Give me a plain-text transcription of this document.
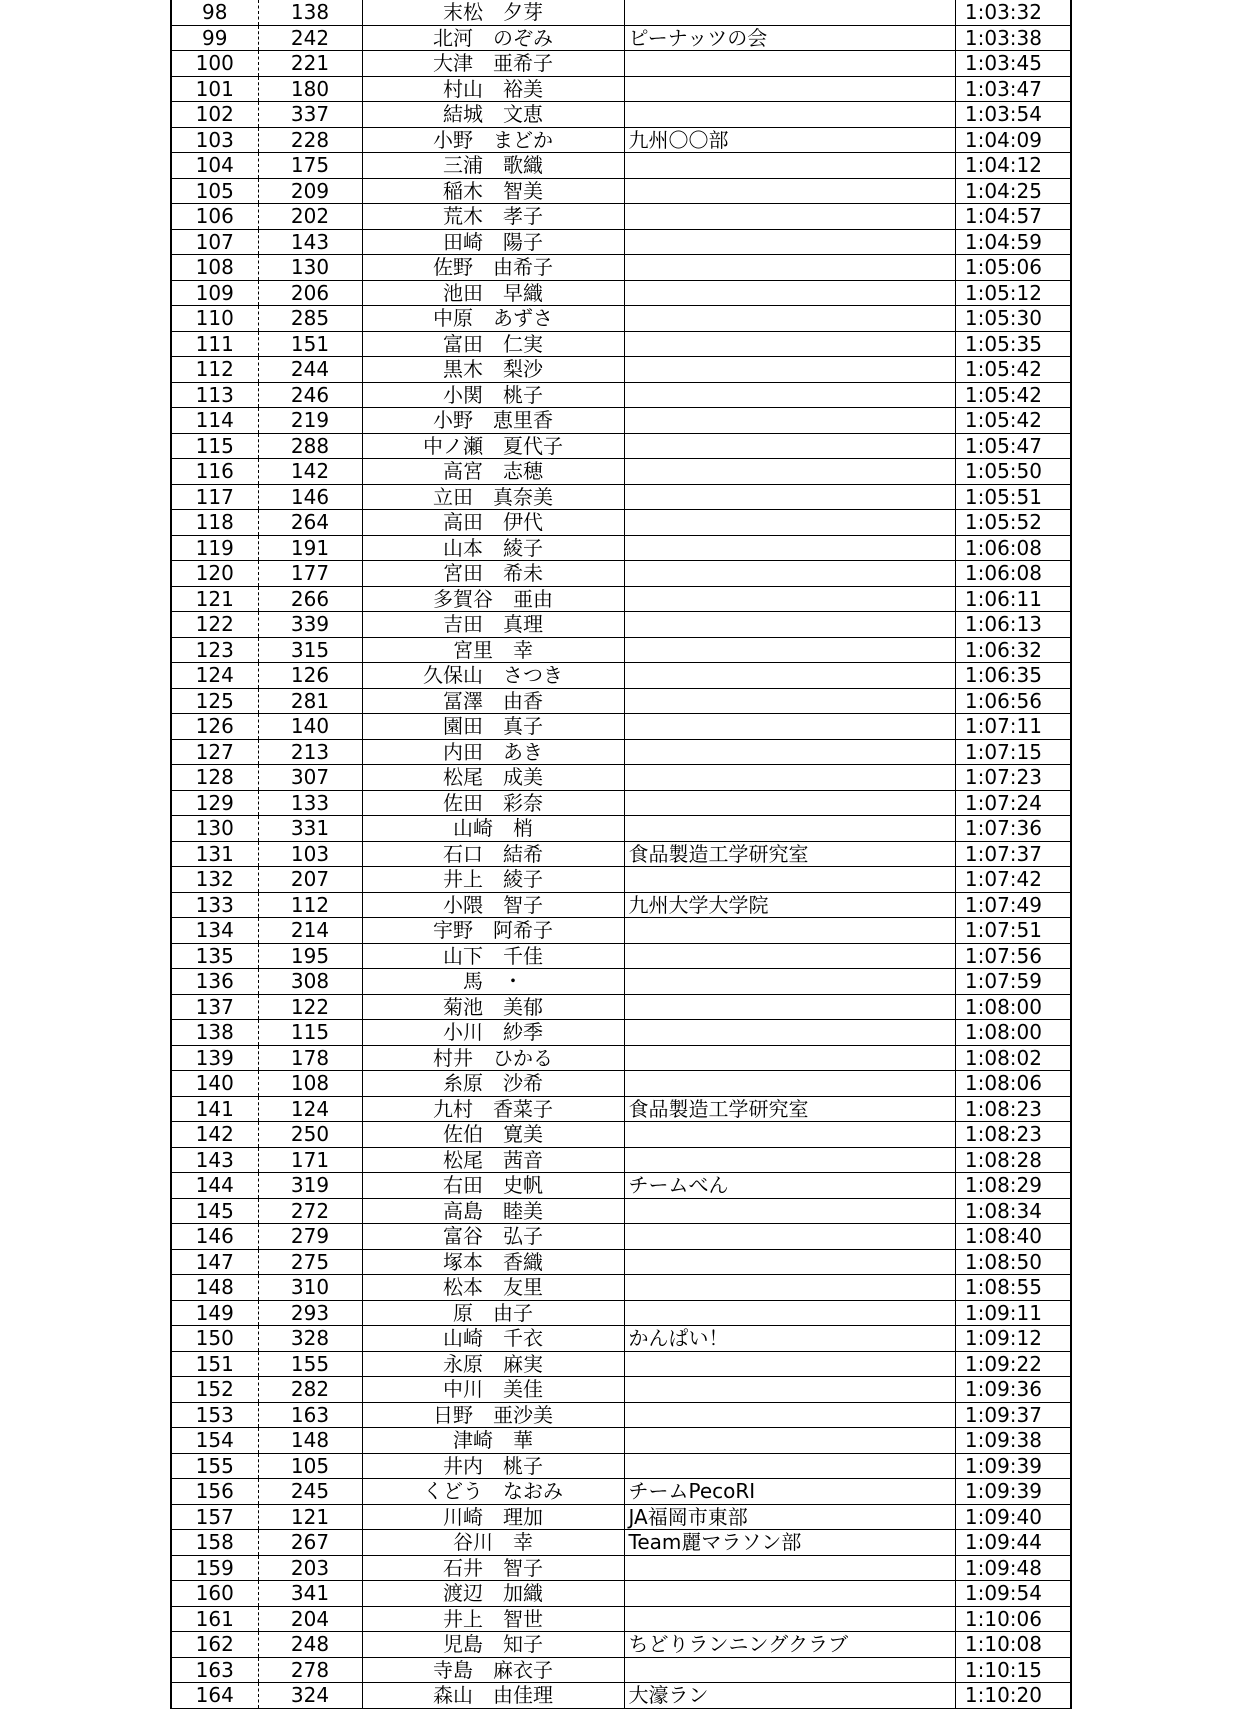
98	138	末松　夕芽		1:03:32
99	242	北河　のぞみ	ピーナッツの会	1:03:38
100	221	大津　亜希子		1:03:45
101	180	村山　裕美		1:03:47
102	337	結城　文恵		1:03:54
103	228	小野　まどか	九州〇〇部	1:04:09
104	175	三浦　歌織		1:04:12
105	209	稲木　智美		1:04:25
106	202	荒木　孝子		1:04:57
107	143	田崎　陽子		1:04:59
108	130	佐野　由希子		1:05:06
109	206	池田　早織		1:05:12
110	285	中原　あずさ		1:05:30
111	151	富田　仁実		1:05:35
112	244	黒木　梨沙		1:05:42
113	246	小関　桃子		1:05:42
114	219	小野　恵里香		1:05:42
115	288	中ノ瀬　夏代子		1:05:47
116	142	高宮　志穂		1:05:50
117	146	立田　真奈美		1:05:51
118	264	高田　伊代		1:05:52
119	191	山本　綾子		1:06:08
120	177	宮田　希未		1:06:08
121	266	多賀谷　亜由		1:06:11
122	339	吉田　真理		1:06:13
123	315	宮里　幸		1:06:32
124	126	久保山　さつき		1:06:35
125	281	冨澤　由香		1:06:56
126	140	園田　真子		1:07:11
127	213	内田　あき		1:07:15
128	307	松尾　成美		1:07:23
129	133	佐田　彩奈		1:07:24
130	331	山崎　梢		1:07:36
131	103	石口　結希	食品製造工学研究室	1:07:37
132	207	井上　綾子		1:07:42
133	112	小隈　智子	九州大学大学院	1:07:49
134	214	宇野　阿希子		1:07:51
135	195	山下　千佳		1:07:56
136	308	馬　・		1:07:59
137	122	菊池　美郁		1:08:00
138	115	小川　紗季		1:08:00
139	178	村井　ひかる		1:08:02
140	108	糸原　沙希		1:08:06
141	124	九村　香菜子	食品製造工学研究室	1:08:23
142	250	佐伯　寛美		1:08:23
143	171	松尾　茜音		1:08:28
144	319	右田　史帆	チームべん	1:08:29
145	272	高島　睦美		1:08:34
146	279	富谷　弘子		1:08:40
147	275	塚本　香織		1:08:50
148	310	松本　友里		1:08:55
149	293	原　由子		1:09:11
150	328	山崎　千衣	かんぱい！	1:09:12
151	155	永原　麻実		1:09:22
152	282	中川　美佳		1:09:36
153	163	日野　亜沙美		1:09:37
154	148	津崎　華		1:09:38
155	105	井内　桃子		1:09:39
156	245	くどう　なおみ	チームPecoRI	1:09:39
157	121	川崎　理加	JA福岡市東部	1:09:40
158	267	谷川　幸	Team麗マラソン部	1:09:44
159	203	石井　智子		1:09:48
160	341	渡辺　加織		1:09:54
161	204	井上　智世		1:10:06
162	248	児島　知子	ちどりランニングクラブ	1:10:08
163	278	寺島　麻衣子		1:10:15
164	324	森山　由佳理	大濠ラン	1:10:20
